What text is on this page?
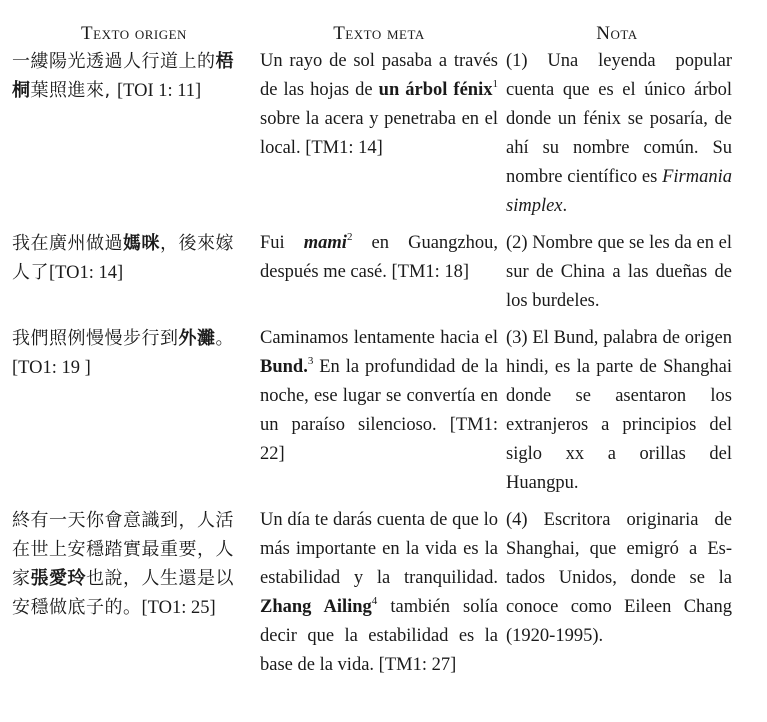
Texto origen	Texto meta	Nota
一縷陽光透過人行道上的梧桐葉照進來, [TOI 1: 11]	Un rayo de sol pasaba a través de las hojas de un árbol fénix$^1$ sobre la acera y penetraba en el local. [TM1: 14]	(1) Una leyenda popular cuenta que es el único árbol donde un fénix se posaría, de ahí su nombre común. Su nombre científico es Firmania simplex.
我在廣州做過媽咪，後來嫁人了[TO1: 14]	Fui mami$^2$ en Guangzhou, después me casé. [TM1: 18]	(2) Nombre que se les da en el sur de China a las dueñas de los burdeles.
我們照例慢慢步行到外灘。[TO1: 19 ]	Caminamos lentamente hacia el Bund.$^3$ En la profundidad de la noche, ese lugar se convertía en un paraíso silencioso. [TM1: 22]	(3) El Bund, palabra de origen hindi, es la parte de Shanghai donde se asentaron los extranjeros a principios del siglo xx a orillas del Huangpu.
終有一天你會意識到，人活在世上安穩踏實最重要，人家張愛玲也說，人生還是以安穩做底子的。[TO1: 25]	Un día te darás cuenta de que lo más importante en la vida es la estabilidad y la tranquilidad. Zhang Ailing$^4$ también solía decir que la estabilidad es la base de la vida. [TM1: 27]	(4) Escritora originaria de Shanghai, que emigró a Estados Unidos, donde se la conoce como Eileen Chang (1920-1995).
